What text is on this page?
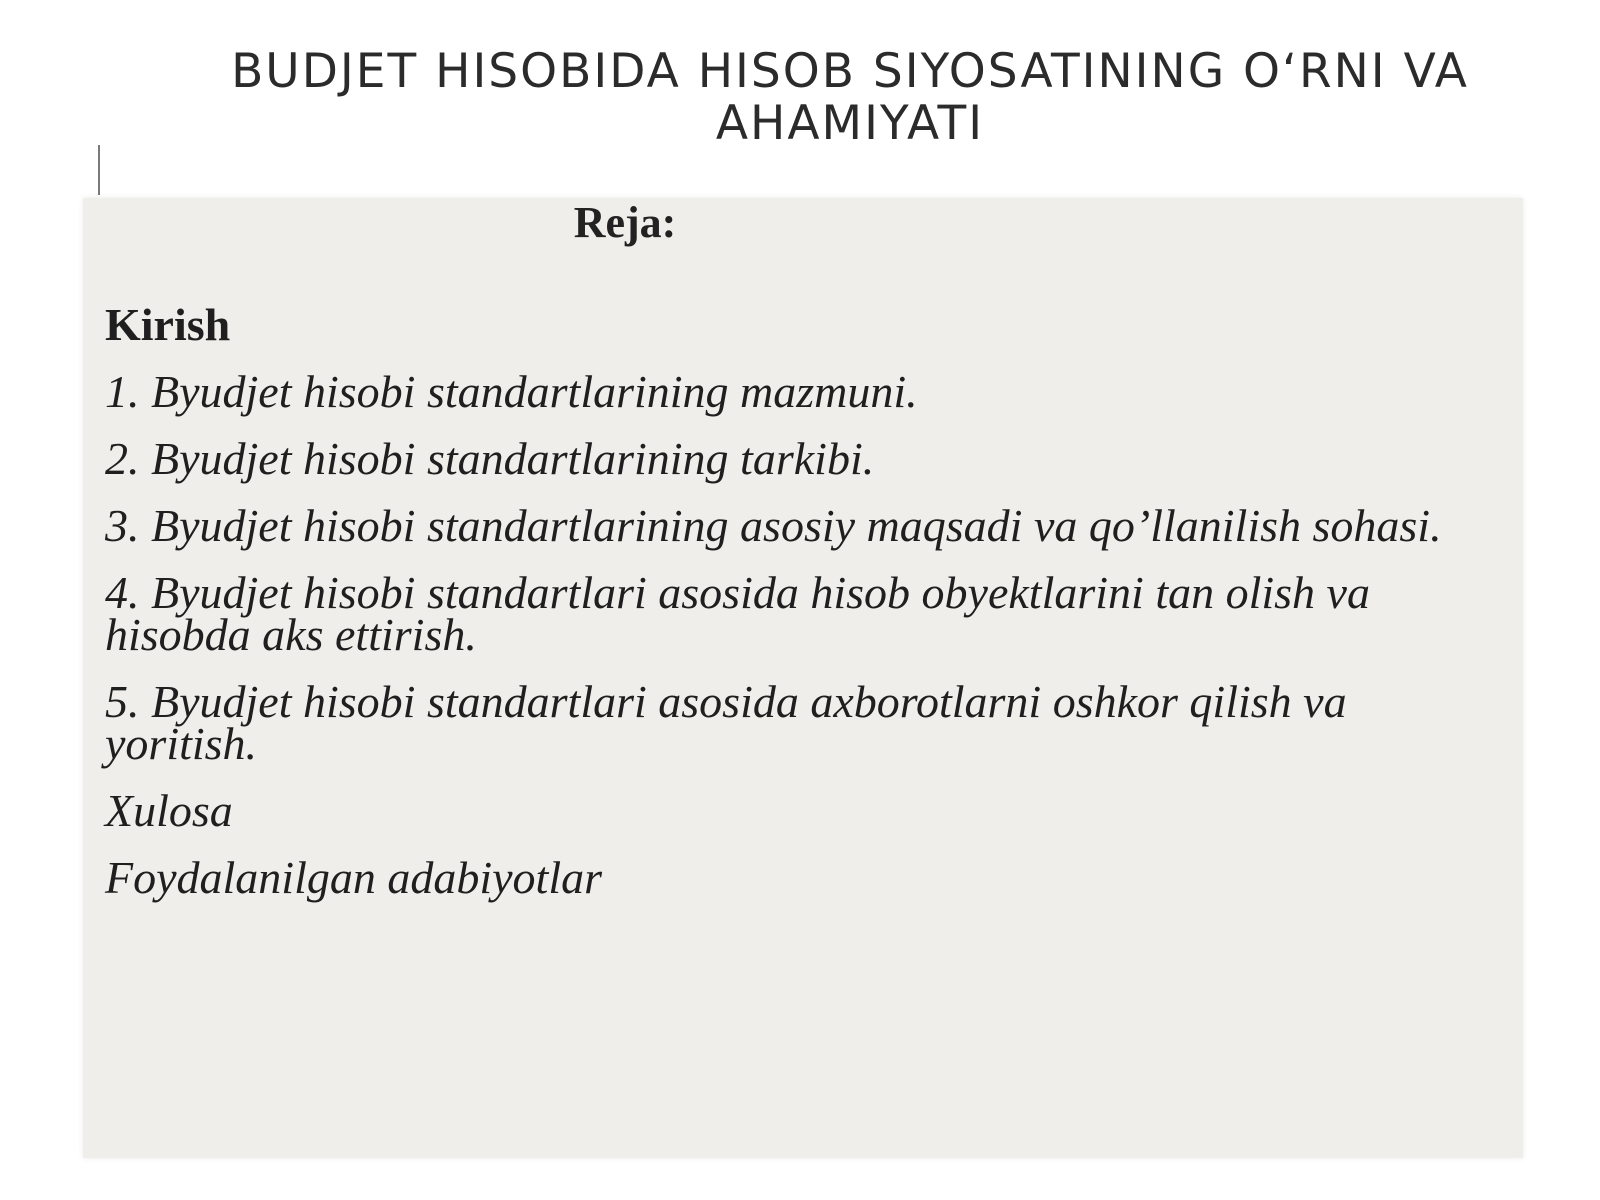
BUDJET HISOBIDA HISOB SIYOSATINING O‘RNI VA AHAMIYATI
Reja:

Kirish

1. Byudjet hisobi standartlarining mazmuni.

2. Byudjet hisobi standartlarining tarkibi.

3. Byudjet hisobi standartlarining asosiy maqsadi va qo’llanilish sohasi.

4. Byudjet hisobi standartlari asosida hisob obyektlarini tan olish va hisobda aks ettirish.

5. Byudjet hisobi standartlari asosida axborotlarni oshkor qilish va yoritish.

Xulosa

Foydalanilgan adabiyotlar
